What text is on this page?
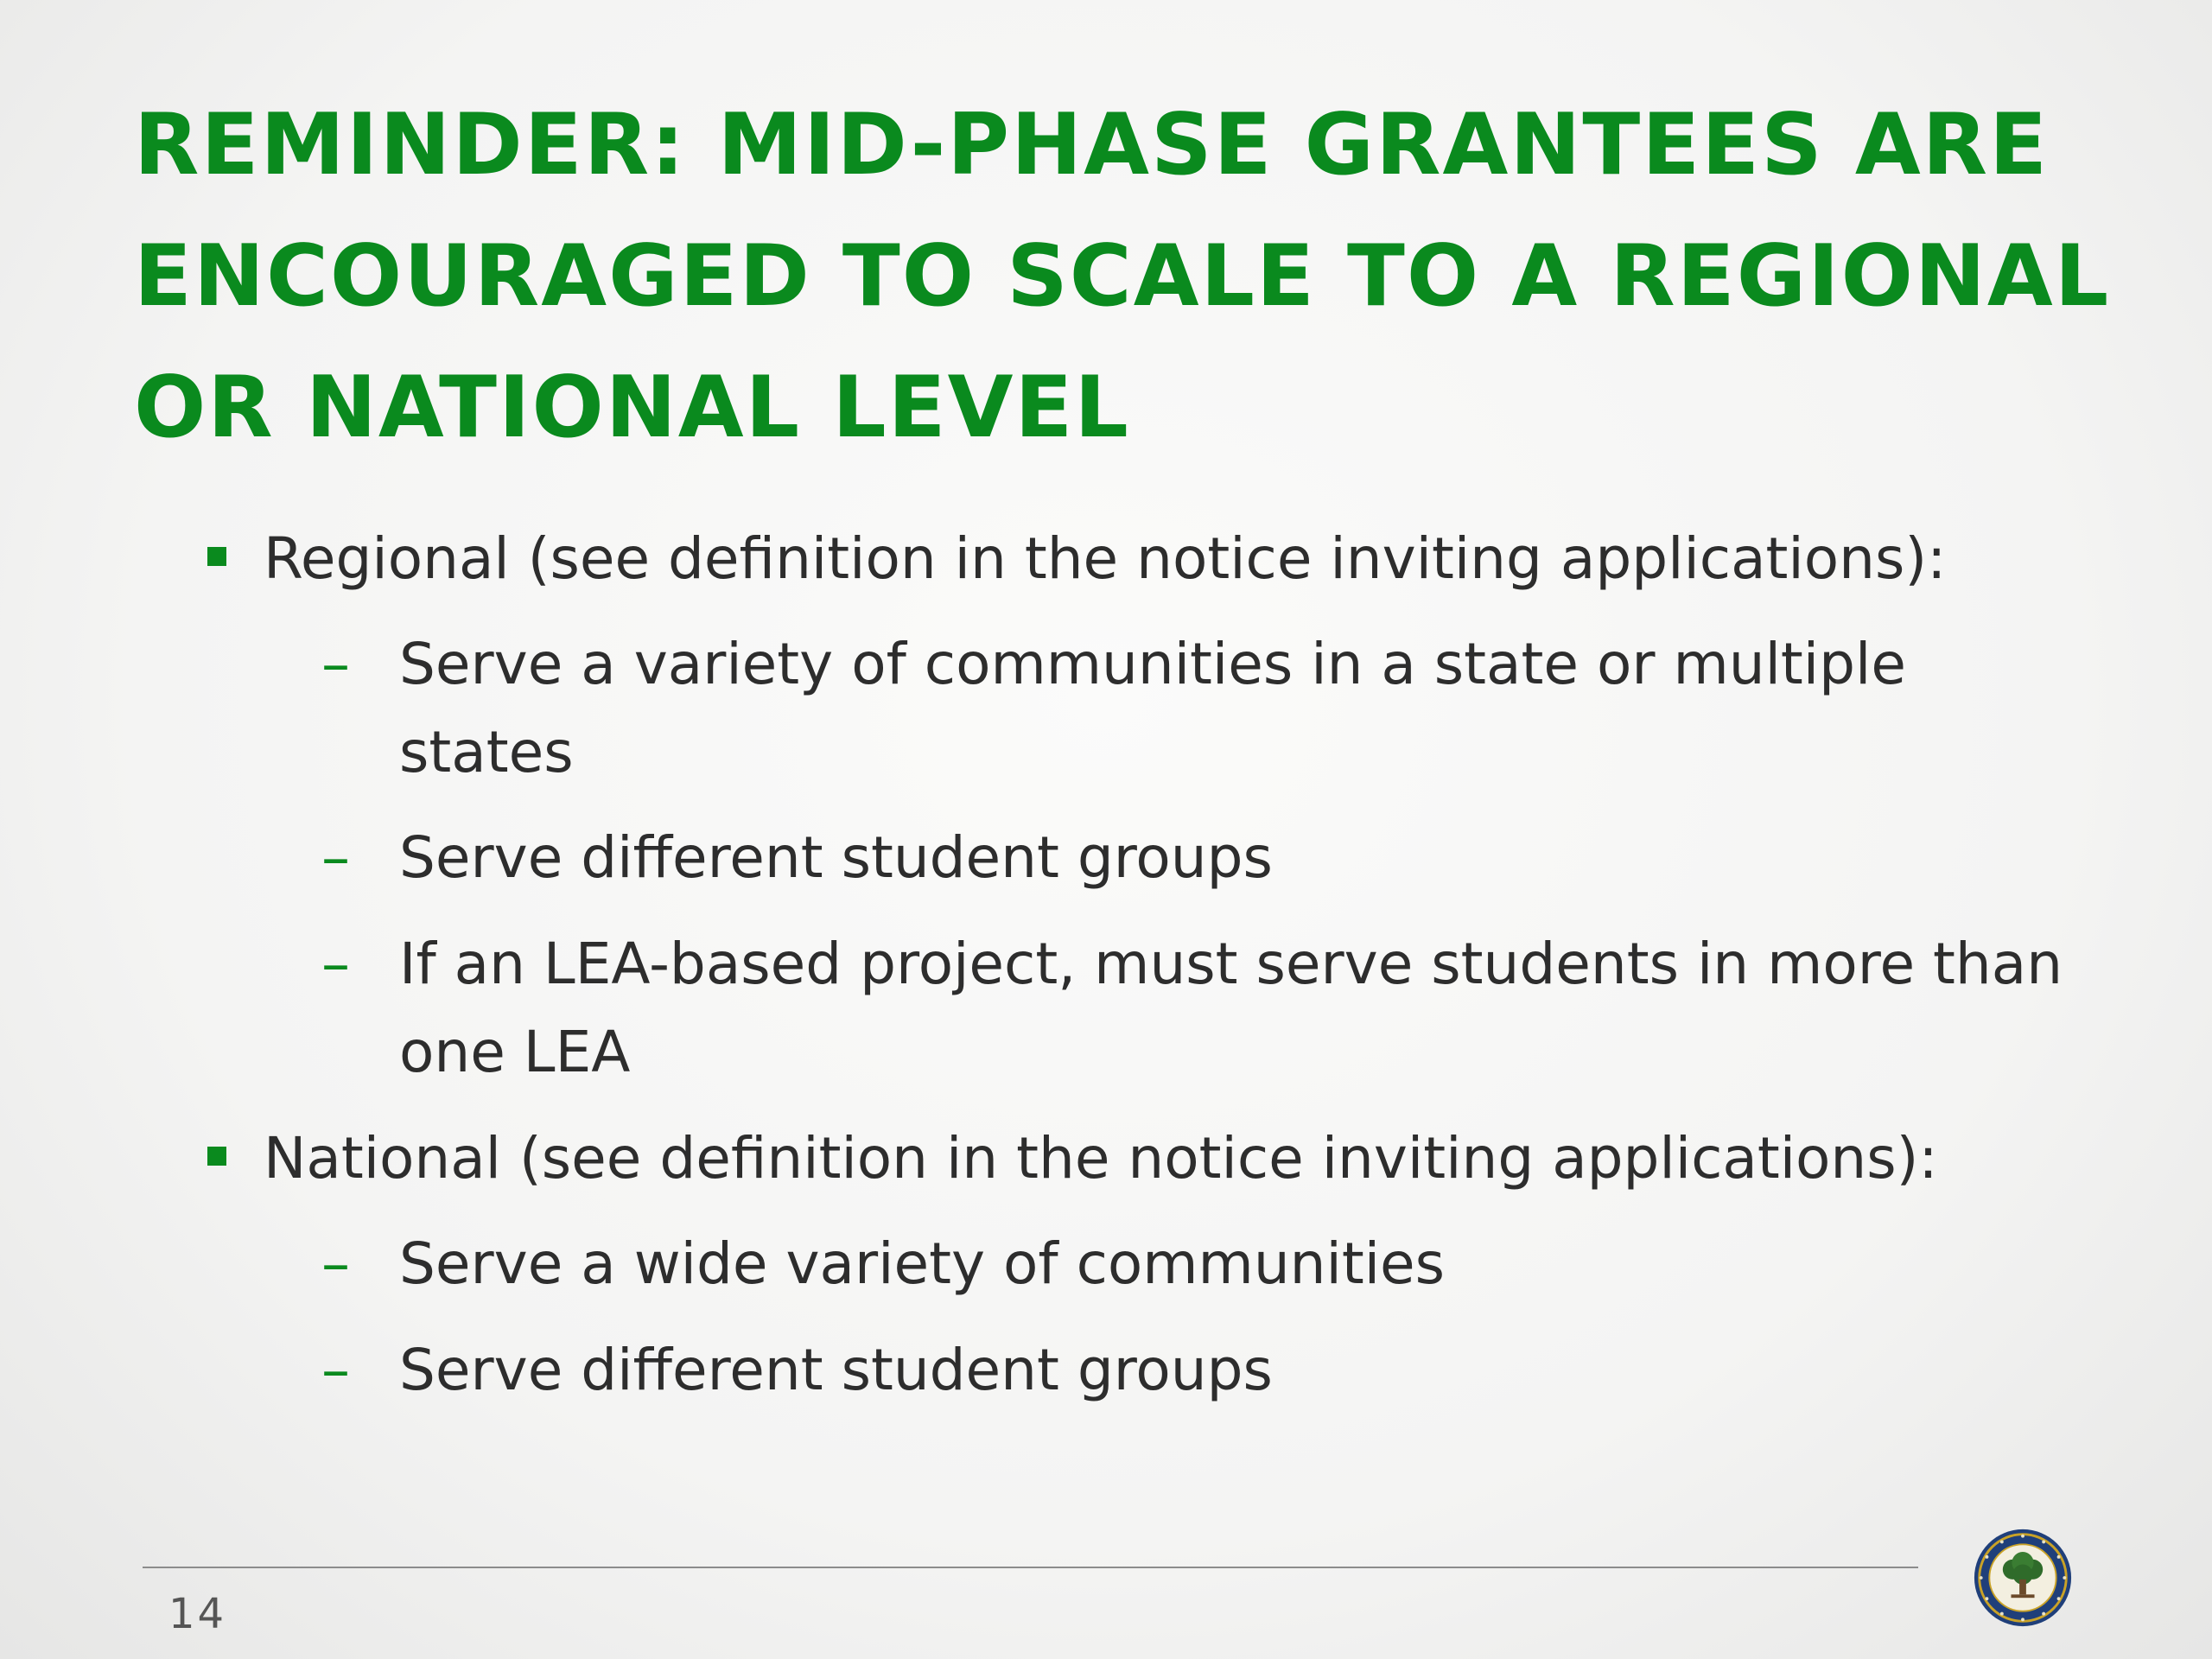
REMINDER: MID-PHASE GRANTEES ARE ENCOURAGED TO SCALE TO A REGIONAL OR NATIONAL LEVEL
Regional (see definition in the notice inviting applications):
– Serve a variety of communities in a state or multiple states
– Serve different student groups
– If an LEA-based project, must serve students in more than one LEA
National (see definition in the notice inviting applications):
– Serve a wide variety of communities
– Serve different student groups
14
